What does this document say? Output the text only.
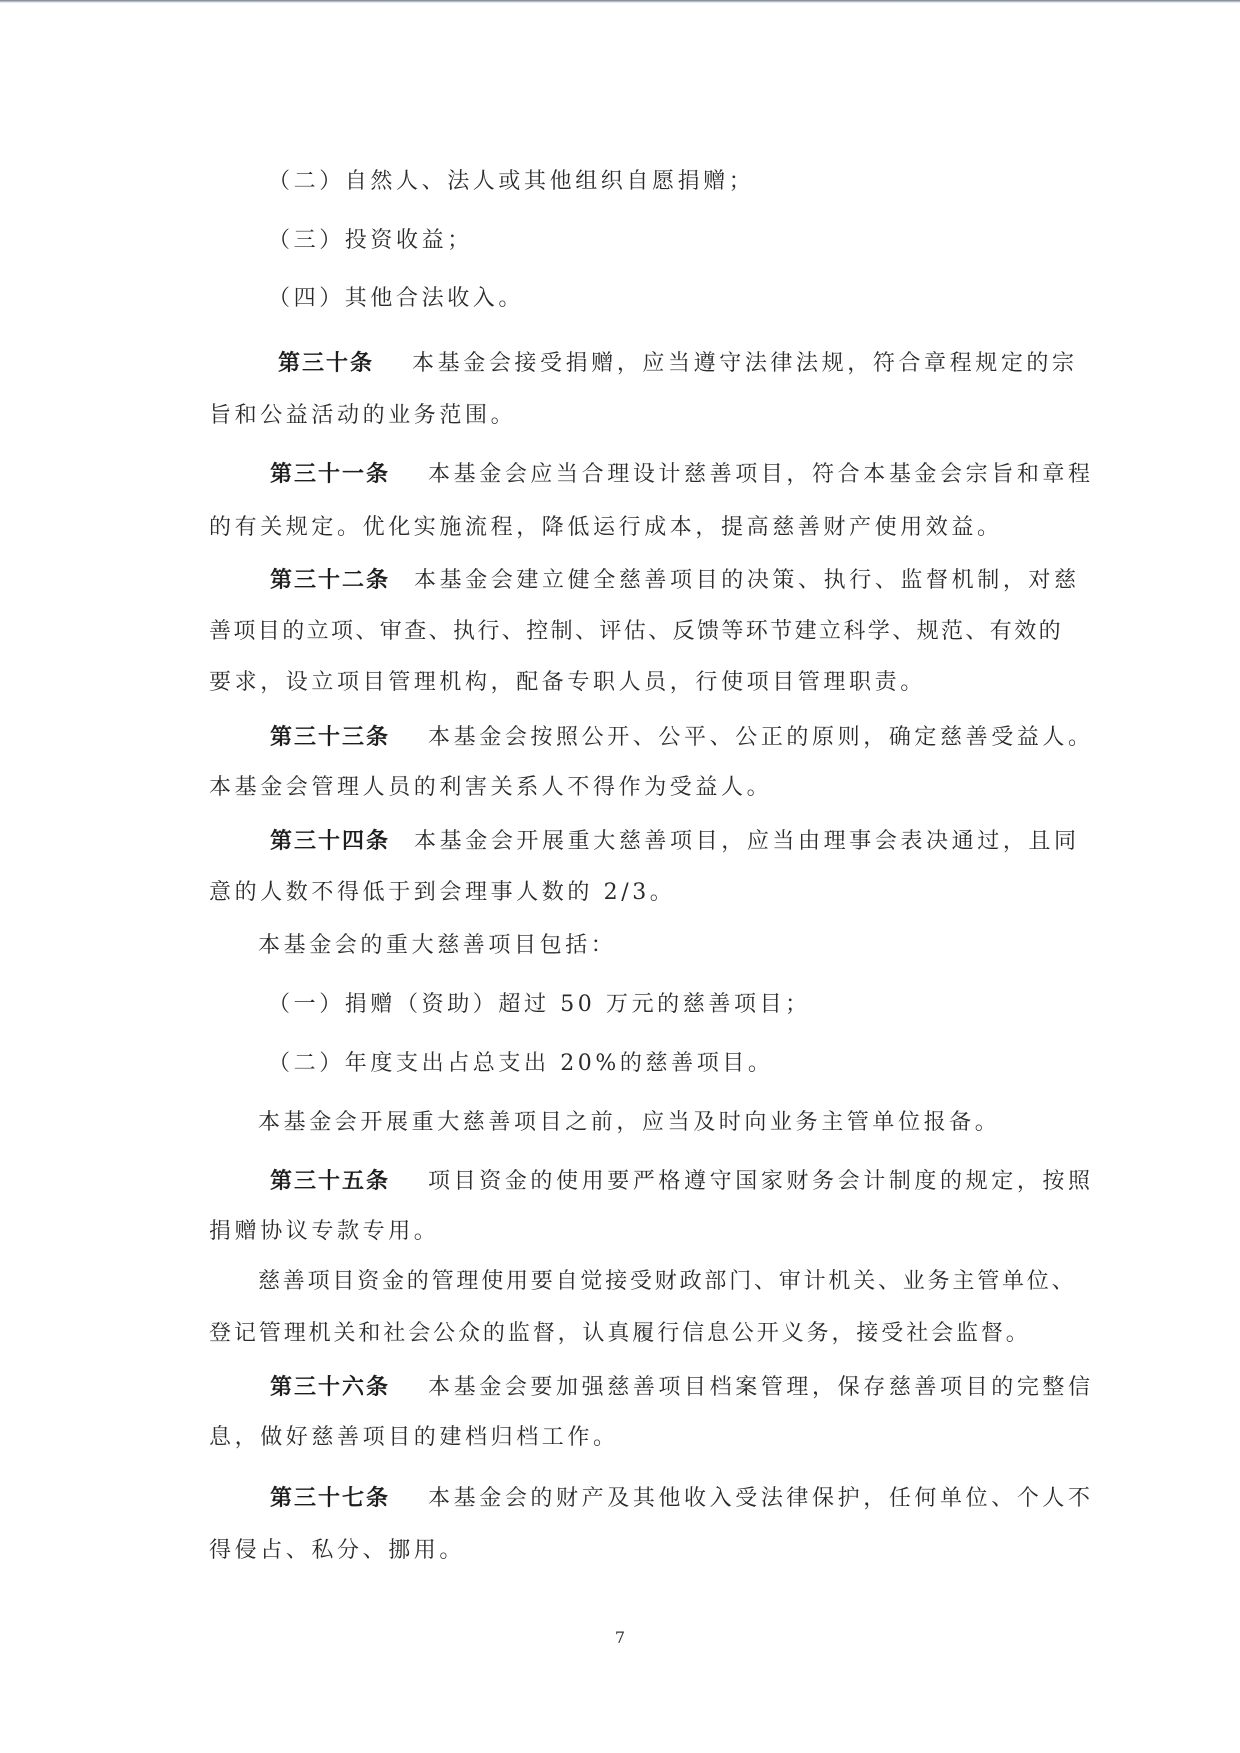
（二）自然人、法人或其他组织自愿捐赠；
（三）投资收益；
（四）其他合法收入。
第三十条 本基金会接受捐赠，应当遵守法律法规，符合章程规定的宗
旨和公益活动的业务范围。
第三十一条 本基金会应当合理设计慈善项目，符合本基金会宗旨和章程
的有关规定。优化实施流程，降低运行成本，提高慈善财产使用效益。
第三十二条 本基金会建立健全慈善项目的决策、执行、监督机制，对慈
善项目的立项、审查、执行、控制、评估、反馈等环节建立科学、规范、有效的
要求，设立项目管理机构，配备专职人员，行使项目管理职责。
第三十三条 本基金会按照公开、公平、公正的原则，确定慈善受益人。
本基金会管理人员的利害关系人不得作为受益人。
第三十四条 本基金会开展重大慈善项目，应当由理事会表决通过，且同
意的人数不得低于到会理事人数的 2/3。
本基金会的重大慈善项目包括：
（一）捐赠（资助）超过 50 万元的慈善项目；
（二）年度支出占总支出 20%的慈善项目。
本基金会开展重大慈善项目之前，应当及时向业务主管单位报备。
第三十五条 项目资金的使用要严格遵守国家财务会计制度的规定，按照
捐赠协议专款专用。
慈善项目资金的管理使用要自觉接受财政部门、审计机关、业务主管单位、
登记管理机关和社会公众的监督，认真履行信息公开义务，接受社会监督。
第三十六条 本基金会要加强慈善项目档案管理，保存慈善项目的完整信
息，做好慈善项目的建档归档工作。
第三十七条 本基金会的财产及其他收入受法律保护，任何单位、个人不
得侵占、私分、挪用。
7
